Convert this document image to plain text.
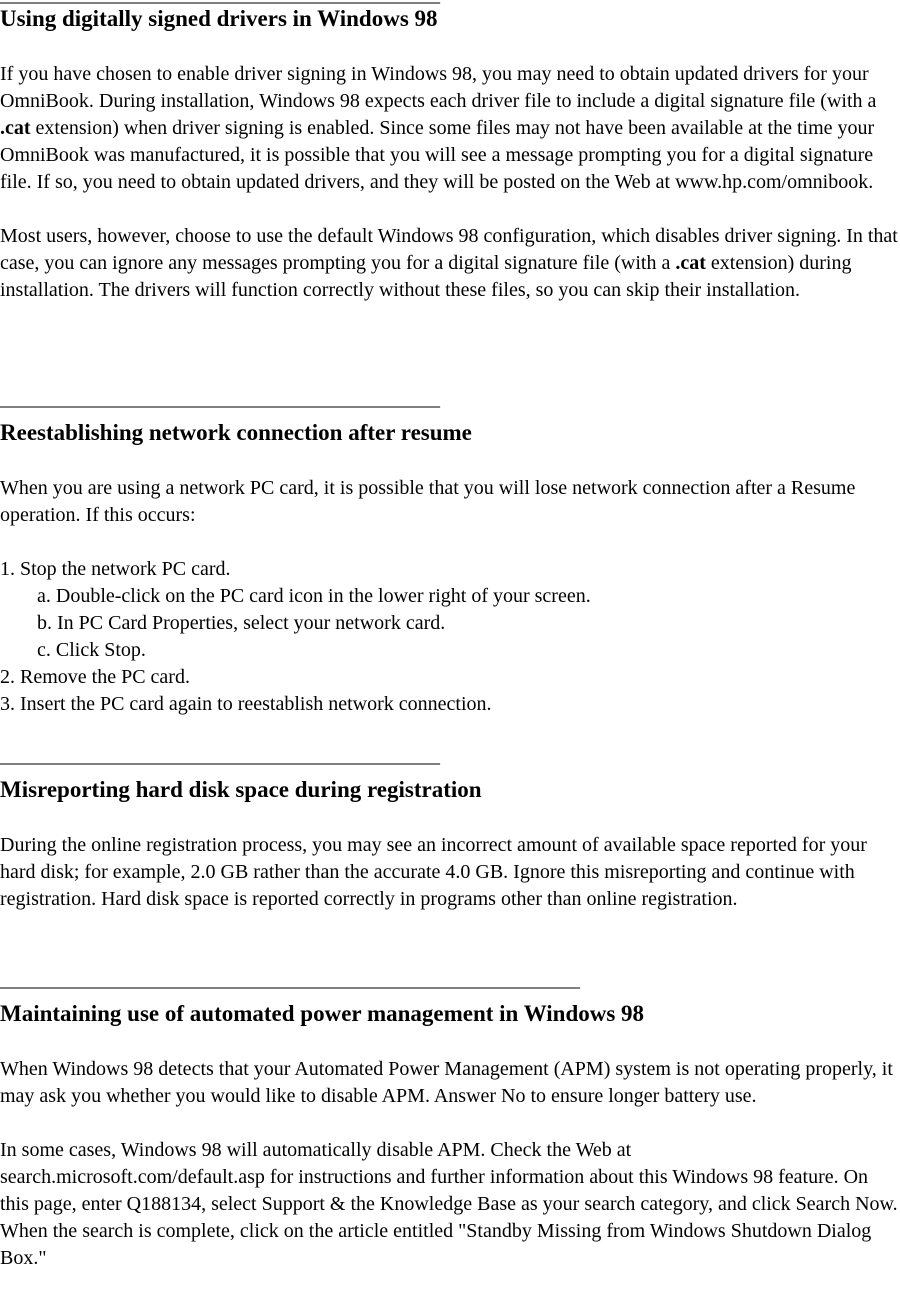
Using digitally signed drivers in Windows 98

If you have chosen to enable driver signing in Windows 98, you may need to obtain updated drivers for your OmniBook. During installation, Windows 98 expects each driver file to include a digital signature file (with a .cat extension) when driver signing is enabled. Since some files may not have been available at the time your OmniBook was manufactured, it is possible that you will see a message prompting you for a digital signature file. If so, you need to obtain updated drivers, and they will be posted on the Web at www.hp.com/omnibook.

Most users, however, choose to use the default Windows 98 configuration, which disables driver signing. In that case, you can ignore any messages prompting you for a digital signature file (with a .cat extension) during installation. The drivers will function correctly without these files, so you can skip their installation.

____________________________________________
Reestablishing network connection after resume

When you are using a network PC card, it is possible that you will lose network connection after a Resume operation. If this occurs:

1. Stop the network PC card.
a. Double-click on the PC card icon in the lower right of your screen.
b. In PC Card Properties, select your network card.
c. Click Stop.
2. Remove the PC card.
3. Insert the PC card again to reestablish network connection.
____________________________________________
Misreporting hard disk space during registration

During the online registration process, you may see an incorrect amount of available space reported for your hard disk; for example, 2.0 GB rather than the accurate 4.0 GB. Ignore this misreporting and continue with registration. Hard disk space is reported correctly in programs other than online registration.

__________________________________________________________
Maintaining use of automated power management in Windows 98

When Windows 98 detects that your Automated Power Management (APM) system is not operating properly, it may ask you whether you would like to disable APM. Answer No to ensure longer battery use.

In some cases, Windows 98 will automatically disable APM. Check the Web at search.microsoft.com/default.asp for instructions and further information about this Windows 98 feature. On this page, enter Q188134, select Support & the Knowledge Base as your search category, and click Search Now. When the search is complete, click on the article entitled "Standby Missing from Windows Shutdown Dialog Box."
